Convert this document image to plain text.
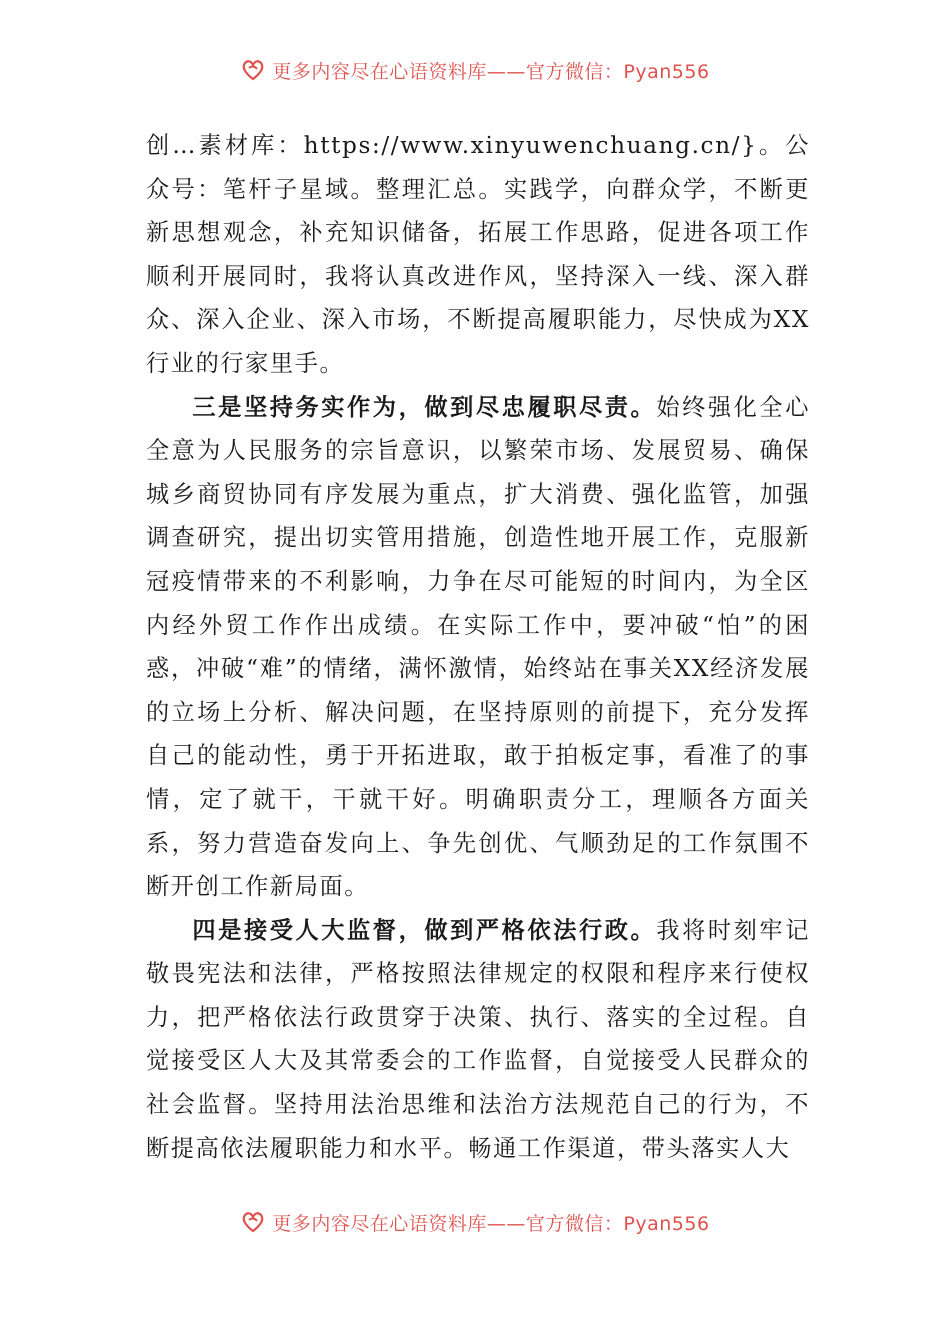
更多内容尽在心语资料库——官方微信：Pyan556

创…素材库：https://www.xinyuwenchuang.cn/}。公众号：笔杆子星域。整理汇总。实践学，向群众学，不断更新思想观念，补充知识储备，拓展工作思路，促进各项工作顺利开展同时，我将认真改进作风，坚持深入一线、深入群众、深入企业、深入市场，不断提高履职能力，尽快成为XX行业的行家里手。

三是坚持务实作为，做到尽忠履职尽责。始终强化全心全意为人民服务的宗旨意识，以繁荣市场、发展贸易、确保城乡商贸协同有序发展为重点，扩大消费、强化监管，加强调查研究，提出切实管用措施，创造性地开展工作，克服新冠疫情带来的不利影响，力争在尽可能短的时间内，为全区内经外贸工作作出成绩。在实际工作中，要冲破“怕”的困惑，冲破“难”的情绪，满怀激情，始终站在事关XX经济发展的立场上分析、解决问题，在坚持原则的前提下，充分发挥自己的能动性，勇于开拓进取，敢于拍板定事，看准了的事情，定了就干，干就干好。明确职责分工，理顺各方面关系，努力营造奋发向上、争先创优、气顺劲足的工作氛围不断开创工作新局面。

四是接受人大监督，做到严格依法行政。我将时刻牢记敬畏宪法和法律，严格按照法律规定的权限和程序来行使权力，把严格依法行政贯穿于决策、执行、落实的全过程。自觉接受区人大及其常委会的工作监督，自觉接受人民群众的社会监督。坚持用法治思维和法治方法规范自己的行为，不断提高依法履职能力和水平。畅通工作渠道，带头落实人大

更多内容尽在心语资料库——官方微信：Pyan556
